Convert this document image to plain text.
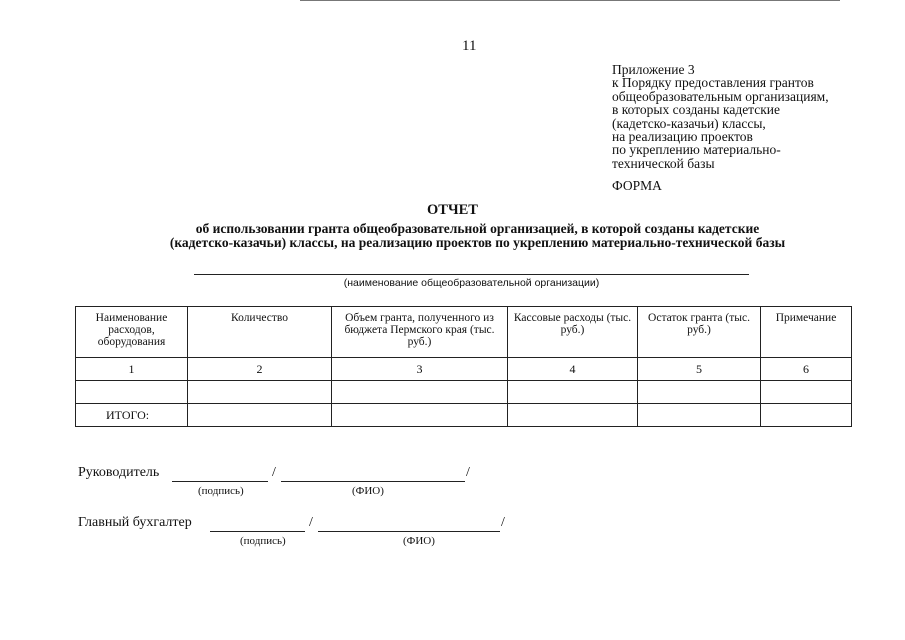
11
Приложение 3
к Порядку предоставления грантов
общеобразовательным организациям,
в которых созданы кадетские
(кадетско-казачьи) классы,
на реализацию проектов
по укреплению материально-
технической базы
ФОРМА
ОТЧЕТ
об использовании гранта общеобразовательной организацией, в которой созданы кадетские
(кадетско-казачьи) классы, на реализацию проектов по укреплению материально-технической базы
(наименование общеобразовательной организации)
Наименование расходов, оборудования	Количество	Объем гранта, полученного из бюджета Пермского края (тыс. руб.)	Кассовые расходы (тыс. руб.)	Остаток гранта (тыс. руб.)	Примечание
1	2	3	4	5	6

ИТОГО:					
Руководитель	/	/
(подпись)	(ФИО)
Главный бухгалтер	/	/
(подпись)	(ФИО)
